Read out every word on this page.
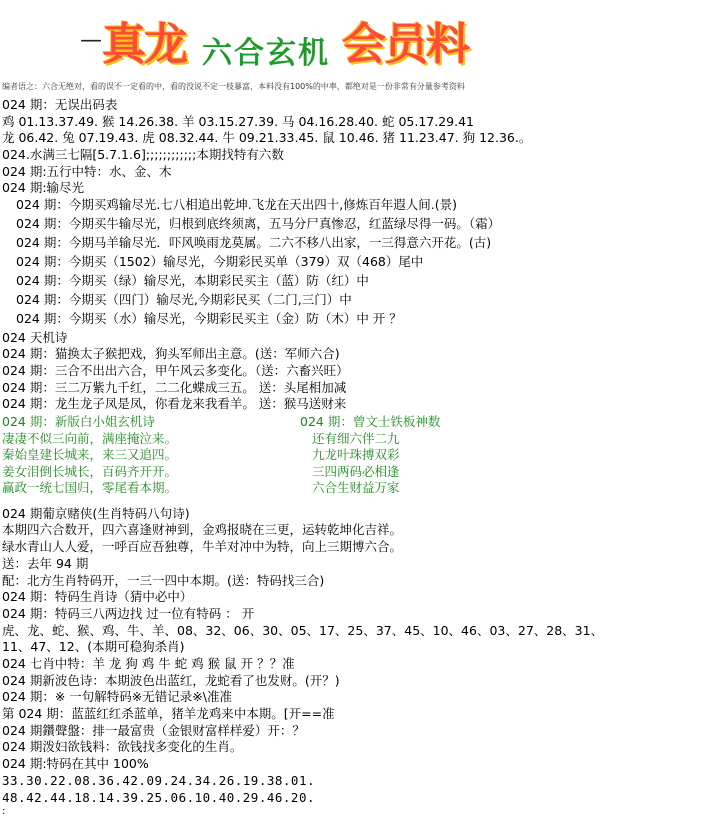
— 真龙 六合玄机 会员料
编者语之：六合无绝对，看的误不一定看的中，看的没说不定一枝暴富，本料没有100%的中率，都绝对是一份非常有分量参考资料
024 期：无误出码表
鸡 01.13.37.49. 猴 14.26.38. 羊 03.15.27.39. 马 04.16.28.40. 蛇 05.17.29.41
龙 06.42. 兔 07.19.43. 虎 08.32.44. 牛 09.21.33.45. 鼠 10.46. 猪 11.23.47. 狗 12.36.。
024.水满三七隔[5.7.1.6];;;;;;;;;;;;本期找特有六数
024 期:五行中特：水、金、木
024 期:输尽光
024 期：今期买鸡输尽光.七八相追出乾坤.飞龙在天出四十,修炼百年遐人间.(景)
024 期：今期买牛输尽光，归根到底终须离，五马分尸真惨忍，红蓝绿尽得一码。（霜）
024 期：今期马羊输尽光．吓风唤雨龙莫属。二六不移八出家，一三得意六开花。(古)
024 期：今期买（1502）输尽光，今期彩民买单（379）双（468）尾中
024 期：今期买（绿）输尽光，本期彩民买主（蓝）防（红）中
024 期：今期买（四门）输尽光,今期彩民买（二门,三门）中
024 期：今期买（水）输尽光，今期彩民买主（金）防（木）中 开 ？
024 天机诗
024 期：猫换太子猴把戏，狗头军师出主意。(送：军师六合)
024 期：三合不出出六合，甲午风云多变化。（送：六畜兴旺）
024 期：三二万紫九千红，二二化蝶成三五。 送：头尾相加减
024 期：龙生龙子凤是凤，你看龙来我看羊。 送：猴马送财来
024 期：新版白小姐玄机诗	024 期：曾文士铁板神数
凄凄不似三向前，满座掩泣来。	还有细六伴二九
秦始皇建长城来，来三又追四。	九龙叶珠搏双彩
姜女泪倒长城长，百码齐开开。	三四两码必相逢
赢政一统七国归，零尾看本期。	六合生财益万家
024 期葡京赌侠(生肖特码八句诗)
本期四六合数开，四六喜逢财神到，金鸡报晓在三更，运转乾坤化吉祥。
绿水青山人人爱，一呼百应吾独尊，牛羊对冲中为特，向上三期博六合。
送：去年 94 期
配：北方生肖特码开，一三一四中本期。(送：特码找三合)
024 期：特码生肖诗（猜中必中）
024 期：特码三八两边找 过一位有特码 ： 开
虎、龙、蛇、猴、鸡、牛、羊、08、32、06、30、05、17、25、37、45、10、46、03、27、28、31、
11、47、12、(本期可稳狗杀肖)
024 七肖中特：羊 龙 狗 鸡 牛 蛇 鸡 猴 鼠 开 ？？准
024 期新波色诗：本期波色出蓝红，龙蛇看了也发财。(开？)
024 期：※ 一句解特码※无错记录※\准准
第 024 期：蓝蓝红红杀蓝单，猪羊龙鸡来中本期。[开==准
024 期鑽聲盤：排一最富贵（金银财富样样爱）开：？
024 期泼妇欲钱料：欲钱找多变化的生肖。
024 期:特码在其中 100%
33.30.22.08.36.42.09.24.34.26.19.38.01.
48.42.44.18.14.39.25.06.10.40.29.46.20.
:
